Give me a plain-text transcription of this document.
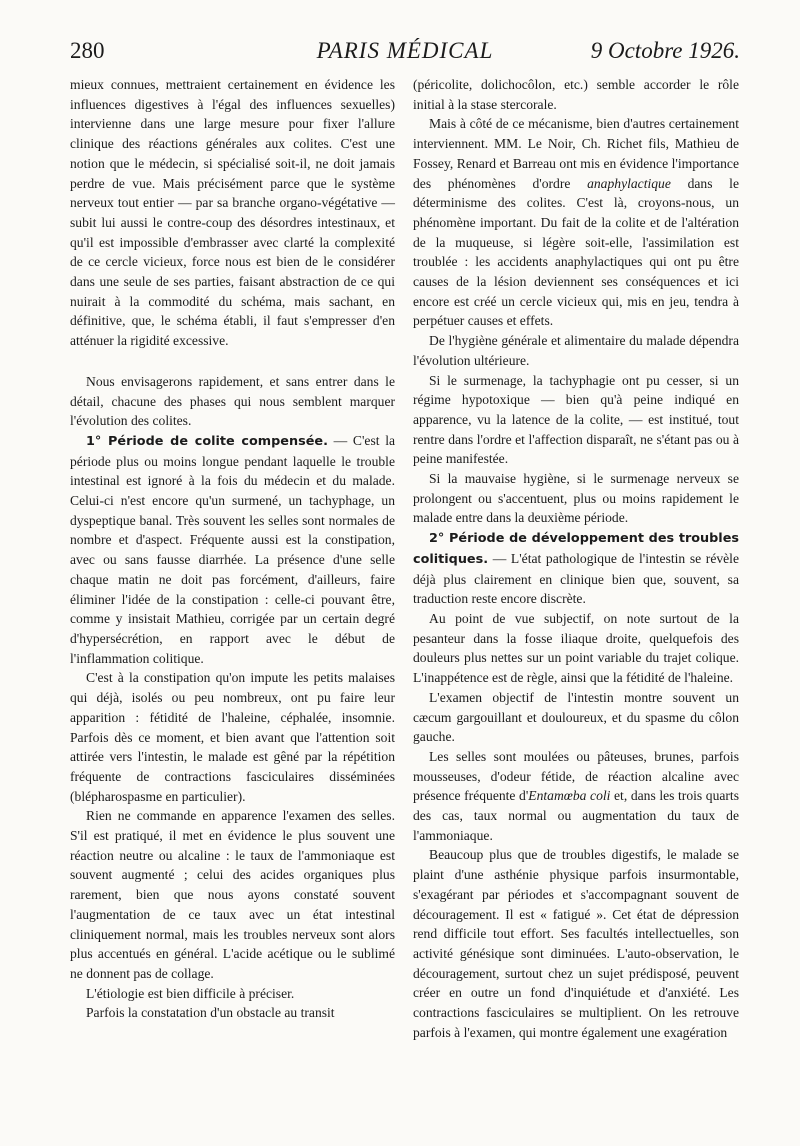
280	PARIS MÉDICAL	9 Octobre 1926.

mieux connues, mettraient certainement en évidence les influences digestives à l'égal des influences sexuelles) intervienne dans une large mesure pour fixer l'allure clinique des réactions générales aux colites. C'est une notion que le médecin, si spécialisé soit-il, ne doit jamais perdre de vue. Mais précisément parce que le système nerveux tout entier — par sa branche organo-végétative — subit lui aussi le contre-coup des désordres intestinaux, et qu'il est impossible d'embrasser avec clarté la complexité de ce cercle vicieux, force nous est bien de le considérer dans une seule de ses parties, faisant abstraction de ce qui nuirait à la commodité du schéma, mais sachant, en définitive, que, le schéma établi, il faut s'empresser d'en atténuer la rigidité excessive.

Nous envisagerons rapidement, et sans entrer dans le détail, chacune des phases qui nous semblent marquer l'évolution des colites.

1° Période de colite compensée. — C'est la période plus ou moins longue pendant laquelle le trouble intestinal est ignoré à la fois du médecin et du malade. Celui-ci n'est encore qu'un surmené, un tachyphage, un dyspeptique banal. Très souvent les selles sont normales de nombre et d'aspect. Fréquente aussi est la constipation, avec ou sans fausse diarrhée. La présence d'une selle chaque matin ne doit pas forcément, d'ailleurs, faire éliminer l'idée de la constipation : celle-ci pouvant être, comme y insistait Mathieu, corrigée par un certain degré d'hypersécrétion, en rapport avec le début de l'inflammation colitique.

C'est à la constipation qu'on impute les petits malaises qui déjà, isolés ou peu nombreux, ont pu faire leur apparition : fétidité de l'haleine, céphalée, insomnie. Parfois dès ce moment, et bien avant que l'attention soit attirée vers l'intestin, le malade est gêné par la répétition fréquente de contractions fasciculaires disséminées (blépharospasme en particulier).

Rien ne commande en apparence l'examen des selles. S'il est pratiqué, il met en évidence le plus souvent une réaction neutre ou alcaline : le taux de l'ammoniaque est souvent augmenté ; celui des acides organiques plus rarement, bien que nous ayons constaté souvent l'augmentation de ce taux avec un état intestinal cliniquement normal, mais les troubles nerveux sont alors plus accentués en général. L'acide acétique ou le sublimé ne donnent pas de collage.

L'étiologie est bien difficile à préciser.

Parfois la constatation d'un obstacle au transit

(péricolite, dolichocôlon, etc.) semble accorder le rôle initial à la stase stercorale.

Mais à côté de ce mécanisme, bien d'autres certainement interviennent. MM. Le Noir, Ch. Richet fils, Mathieu de Fossey, Renard et Barreau ont mis en évidence l'importance des phénomènes d'ordre anaphylactique dans le déterminisme des colites. C'est là, croyons-nous, un phénomène important. Du fait de la colite et de l'altération de la muqueuse, si légère soit-elle, l'assimilation est troublée : les accidents anaphylactiques qui ont pu être causes de la lésion deviennent ses conséquences et ici encore est créé un cercle vicieux qui, mis en jeu, tendra à perpétuer causes et effets.

De l'hygiène générale et alimentaire du malade dépendra l'évolution ultérieure.

Si le surmenage, la tachyphagie ont pu cesser, si un régime hypotoxique — bien qu'à peine indiqué en apparence, vu la latence de la colite, — est institué, tout rentre dans l'ordre et l'affection disparaît, ne s'étant pas ou à peine manifestée.

Si la mauvaise hygiène, si le surmenage nerveux se prolongent ou s'accentuent, plus ou moins rapidement le malade entre dans la deuxième période.

2° Période de développement des troubles colitiques. — L'état pathologique de l'intestin se révèle déjà plus clairement en clinique bien que, souvent, sa traduction reste encore discrète.

Au point de vue subjectif, on note surtout de la pesanteur dans la fosse iliaque droite, quelquefois des douleurs plus nettes sur un point variable du trajet colique. L'inappétence est de règle, ainsi que la fétidité de l'haleine.

L'examen objectif de l'intestin montre souvent un cæcum gargouillant et douloureux, et du spasme du côlon gauche.

Les selles sont moulées ou pâteuses, brunes, parfois mousseuses, d'odeur fétide, de réaction alcaline avec présence fréquente d'Entamœba coli et, dans les trois quarts des cas, taux normal ou augmentation du taux de l'ammoniaque.

Beaucoup plus que de troubles digestifs, le malade se plaint d'une asthénie physique parfois insurmontable, s'exagérant par périodes et s'accompagnant souvent de découragement. Il est « fatigué ». Cet état de dépression rend difficile tout effort. Ses facultés intellectuelles, son activité génésique sont diminuées. L'auto-observation, le découragement, surtout chez un sujet prédisposé, peuvent créer en outre un fond d'inquiétude et d'anxiété. Les contractions fasciculaires se multiplient. On les retrouve parfois à l'examen, qui montre également une exagération
